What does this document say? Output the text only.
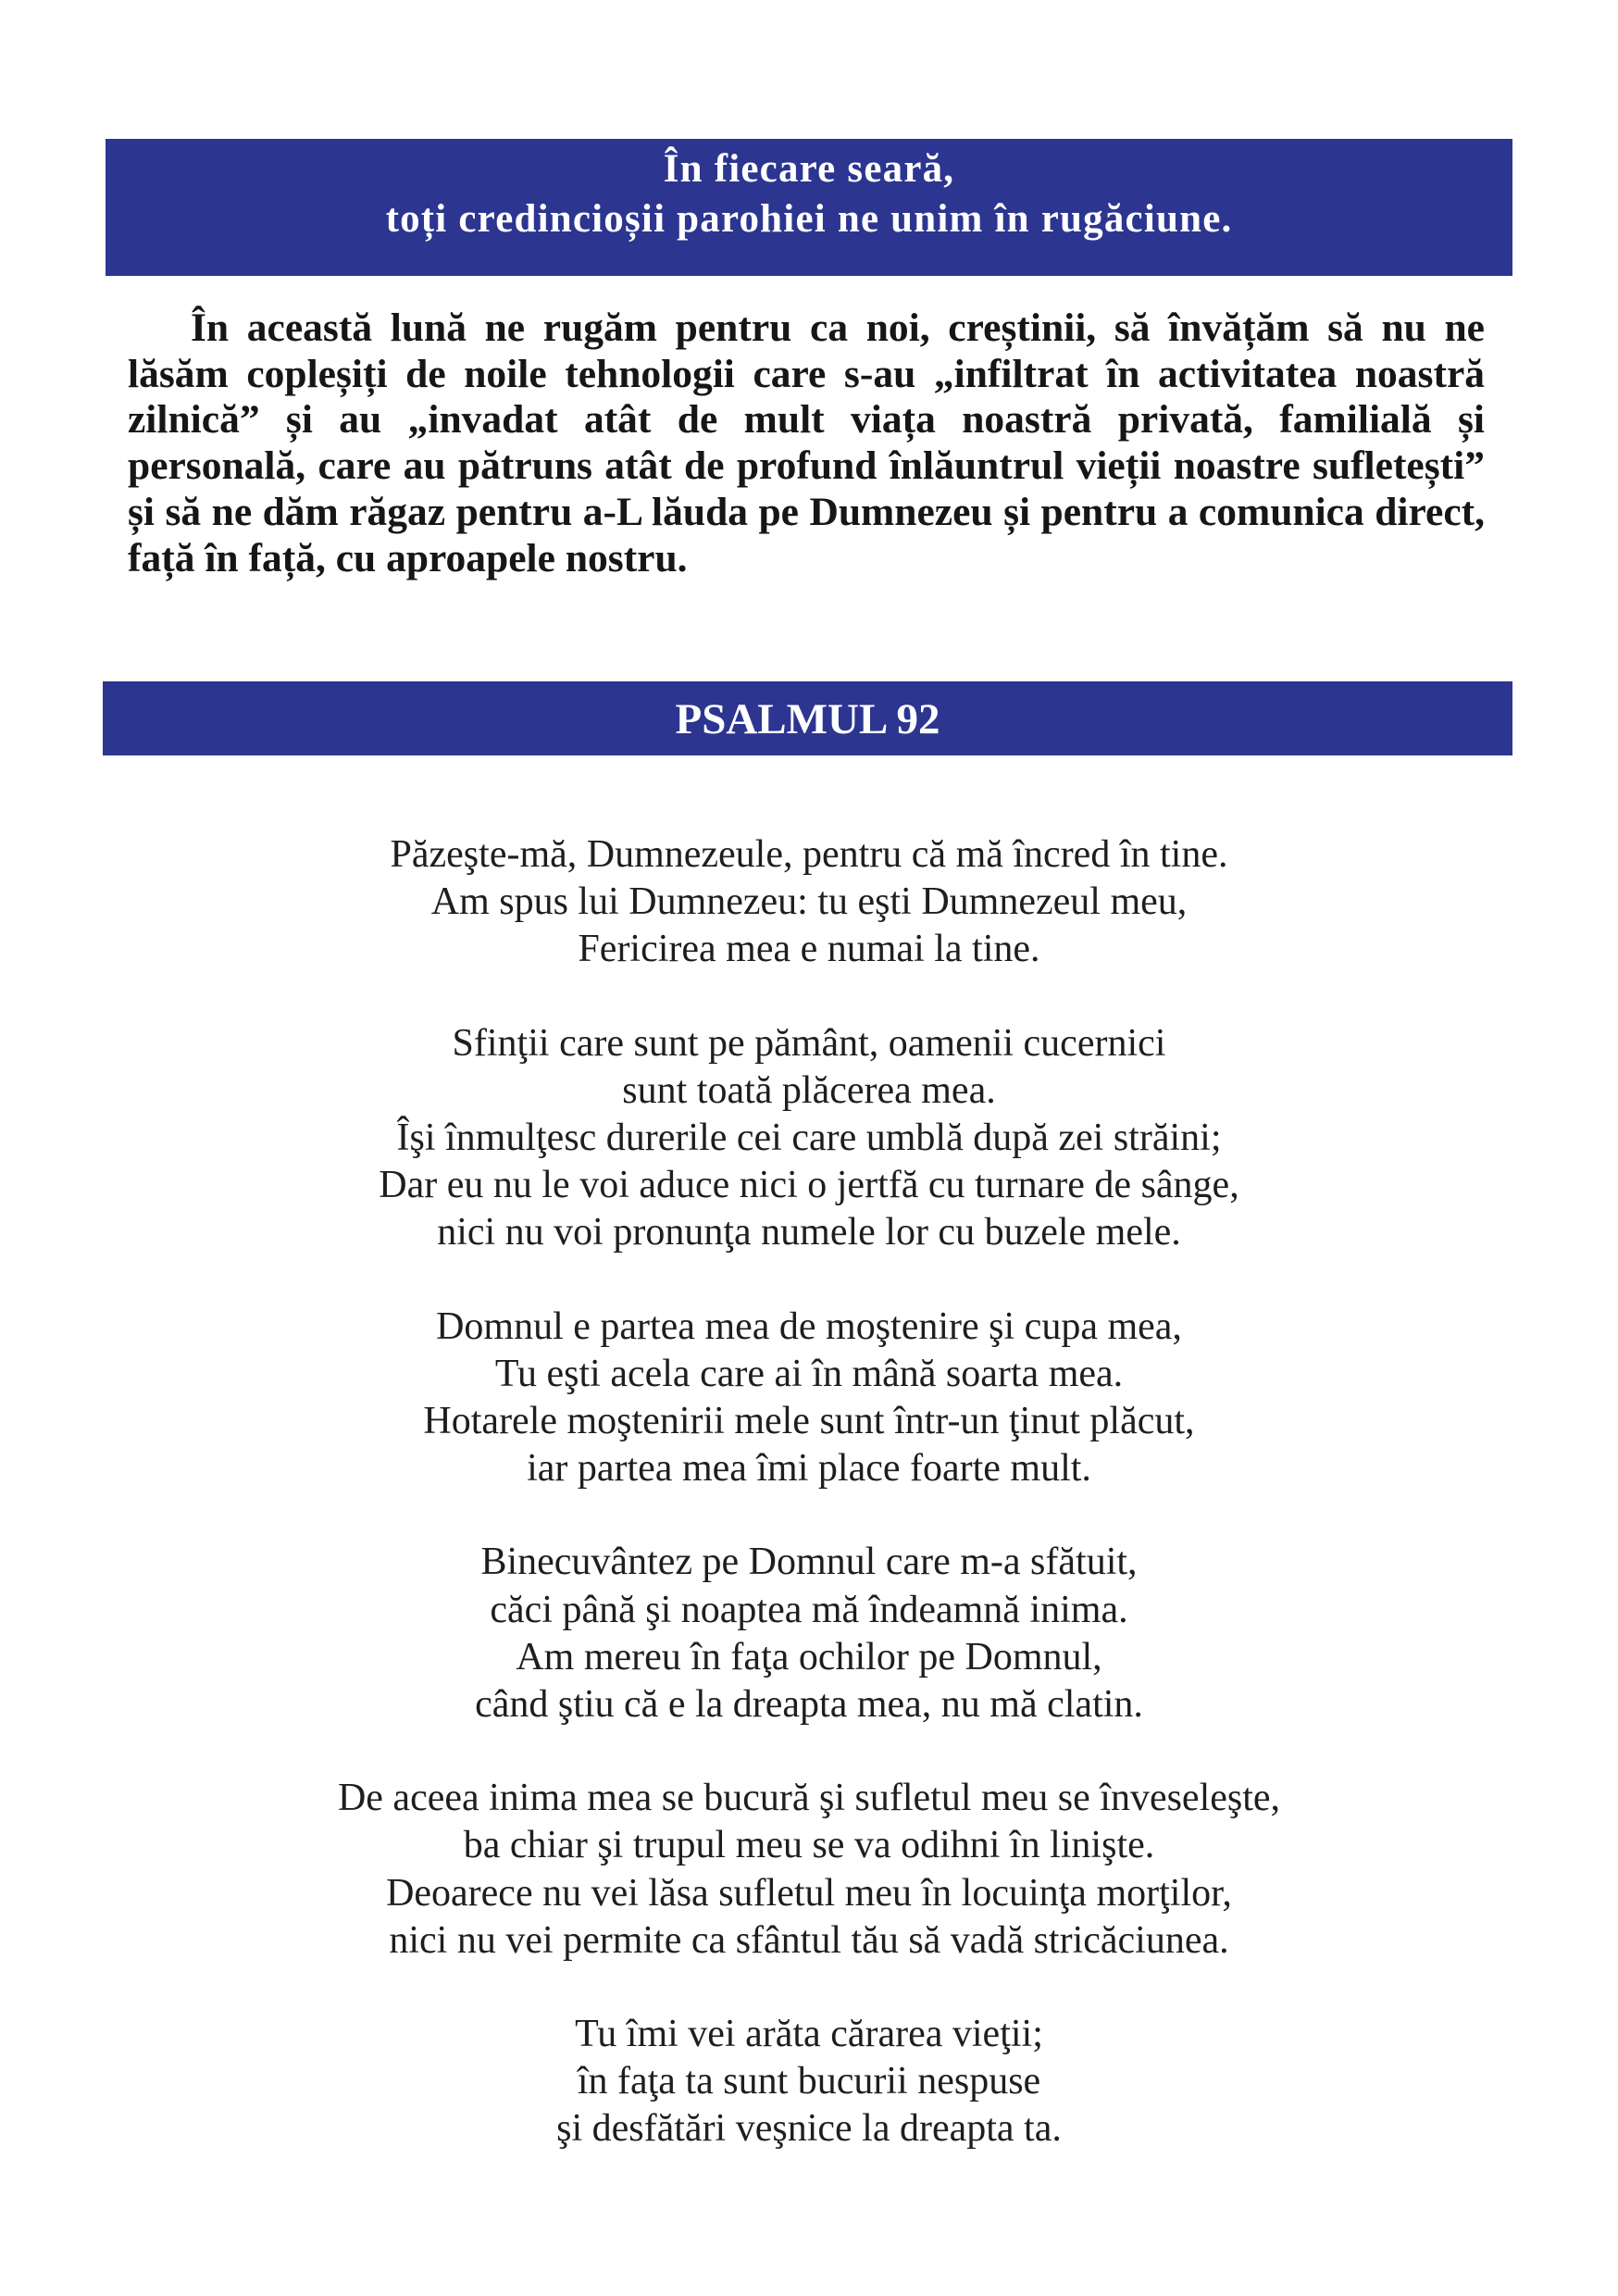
În fiecare seară,
toți credincioșii parohiei ne unim în rugăciune.

În această lună ne rugăm pentru ca noi, creștinii, să învățăm să nu ne lăsăm copleșiți de noile tehnologii care s-au „infiltrat în activitatea noastră zilnică” și au „invadat atât de mult viața noastră privată, familială și personală, care au pătruns atât de profund înlăuntrul vieții noastre sufletești” și să ne dăm răgaz pentru a-L lăuda pe Dumnezeu și pentru a comunica direct, față în față, cu aproapele nostru.

PSALMUL 92
Păzeşte-mă, Dumnezeule, pentru că mă încred în tine.
Am spus lui Dumnezeu: tu eşti Dumnezeul meu,
Fericirea mea e numai la tine.
Sfinţii care sunt pe pământ, oamenii cucernici
sunt toată plăcerea mea.
Îşi înmulţesc durerile cei care umblă după zei străini;
Dar eu nu le voi aduce nici o jertfă cu turnare de sânge,
nici nu voi pronunţa numele lor cu buzele mele.
Domnul e partea mea de moştenire şi cupa mea,
Tu eşti acela care ai în mână soarta mea.
Hotarele moştenirii mele sunt într-un ţinut plăcut,
iar partea mea îmi place foarte mult.
Binecuvântez pe Domnul care m-a sfătuit,
căci până şi noaptea mă îndeamnă inima.
Am mereu în faţa ochilor pe Domnul,
când ştiu că e la dreapta mea, nu mă clatin.
De aceea inima mea se bucură şi sufletul meu se înveseleşte,
ba chiar şi trupul meu se va odihni în linişte.
Deoarece nu vei lăsa sufletul meu în locuinţa morţilor,
nici nu vei permite ca sfântul tău să vadă stricăciunea.
Tu îmi vei arăta cărarea vieţii;
în faţa ta sunt bucurii nespuse
şi desfătări veşnice la dreapta ta.
